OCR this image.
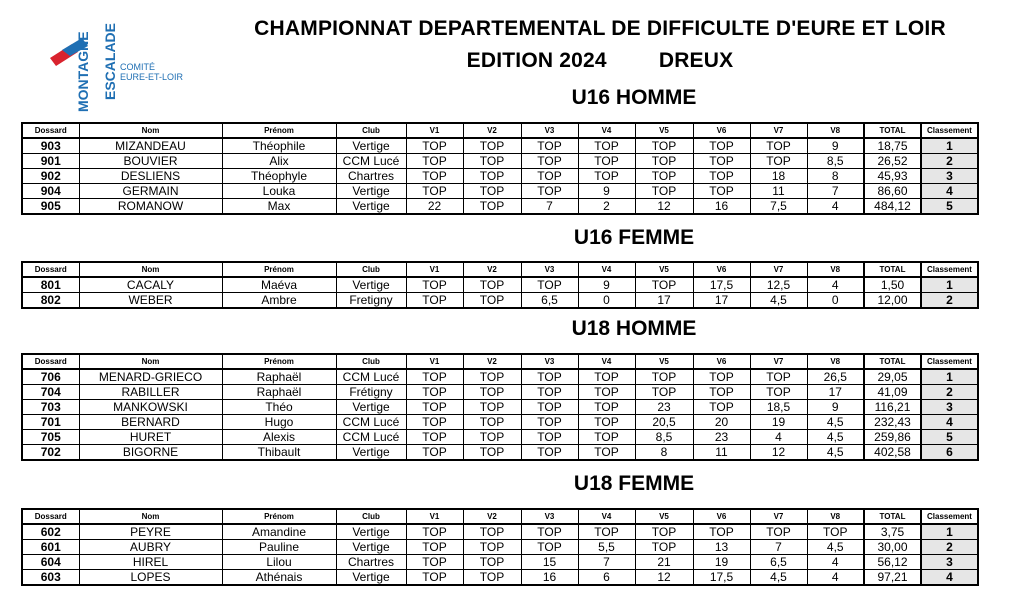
MONTAGNE ESCALADE COMITÉ
EURE-ET-LOIR
CHAMPIONNAT DEPARTEMENTAL DE DIFFICULTE D'EURE ET LOIR
EDITION 2024 DREUX
U16 HOMME
Dossard	Nom	Prénom	Club	V1	V2	V3	V4	V5	V6	V7	V8	TOTAL	Classement
903	MIZANDEAU	Théophile	Vertige	TOP	TOP	TOP	TOP	TOP	TOP	TOP	9	18,75	1
901	BOUVIER	Alix	CCM Lucé	TOP	TOP	TOP	TOP	TOP	TOP	TOP	8,5	26,52	2
902	DESLIENS	Théophyle	Chartres	TOP	TOP	TOP	TOP	TOP	TOP	18	8	45,93	3
904	GERMAIN	Louka	Vertige	TOP	TOP	TOP	9	TOP	TOP	11	7	86,60	4
905	ROMANOW	Max	Vertige	22	TOP	7	2	12	16	7,5	4	484,12	5
U16 FEMME
Dossard	Nom	Prénom	Club	V1	V2	V3	V4	V5	V6	V7	V8	TOTAL	Classement
801	CACALY	Maéva	Vertige	TOP	TOP	TOP	9	TOP	17,5	12,5	4	1,50	1
802	WEBER	Ambre	Fretigny	TOP	TOP	6,5	0	17	17	4,5	0	12,00	2
U18 HOMME
Dossard	Nom	Prénom	Club	V1	V2	V3	V4	V5	V6	V7	V8	TOTAL	Classement
706	MENARD-GRIECO	Raphaël	CCM Lucé	TOP	TOP	TOP	TOP	TOP	TOP	TOP	26,5	29,05	1
704	RABILLER	Raphaël	Frétigny	TOP	TOP	TOP	TOP	TOP	TOP	TOP	17	41,09	2
703	MANKOWSKI	Théo	Vertige	TOP	TOP	TOP	TOP	23	TOP	18,5	9	116,21	3
701	BERNARD	Hugo	CCM Lucé	TOP	TOP	TOP	TOP	20,5	20	19	4,5	232,43	4
705	HURET	Alexis	CCM Lucé	TOP	TOP	TOP	TOP	8,5	23	4	4,5	259,86	5
702	BIGORNE	Thibault	Vertige	TOP	TOP	TOP	TOP	8	11	12	4,5	402,58	6
U18 FEMME
Dossard	Nom	Prénom	Club	V1	V2	V3	V4	V5	V6	V7	V8	TOTAL	Classement
602	PEYRE	Amandine	Vertige	TOP	TOP	TOP	TOP	TOP	TOP	TOP	TOP	3,75	1
601	AUBRY	Pauline	Vertige	TOP	TOP	TOP	5,5	TOP	13	7	4,5	30,00	2
604	HIREL	Lilou	Chartres	TOP	TOP	15	7	21	19	6,5	4	56,12	3
603	LOPES	Athénais	Vertige	TOP	TOP	16	6	12	17,5	4,5	4	97,21	4
